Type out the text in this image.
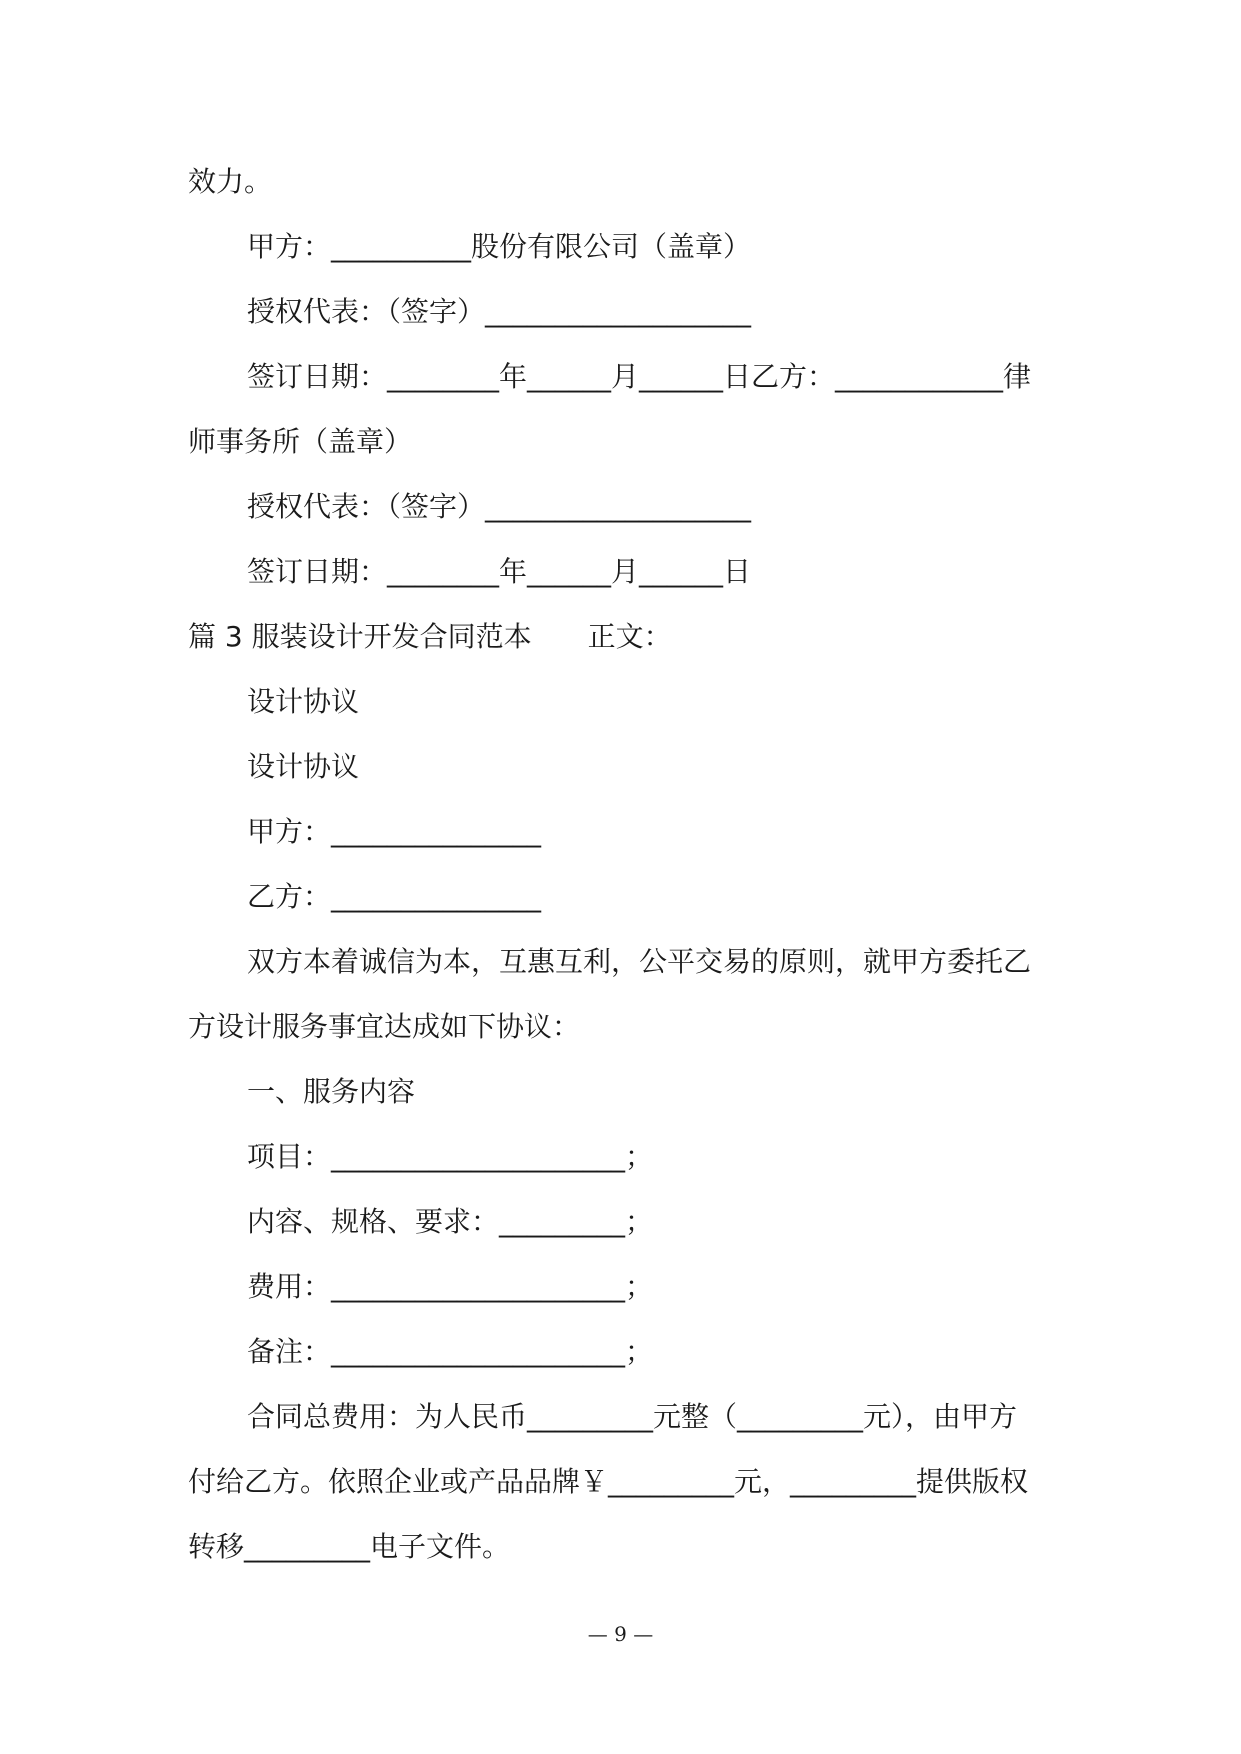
效力。
甲方：__________股份有限公司（盖章）
授权代表：（签字）___________________
签订日期：________年______月______日乙方：____________律
师事务所（盖章）
授权代表：（签字）___________________
签订日期：________年______月______日
篇 3 服装设计开发合同范本　　正文：
设计协议
设计协议
甲方：_______________
乙方：_______________
双方本着诚信为本，互惠互利，公平交易的原则，就甲方委托乙
方设计服务事宜达成如下协议：
一、服务内容
项目：_____________________；
内容、规格、要求：_________；
费用：_____________________；
备注：_____________________；
合同总费用：为人民币_________元整（_________元），由甲方
付给乙方。依照企业或产品品牌￥_________元，_________提供版权
转移_________电子文件。
— 9 —
